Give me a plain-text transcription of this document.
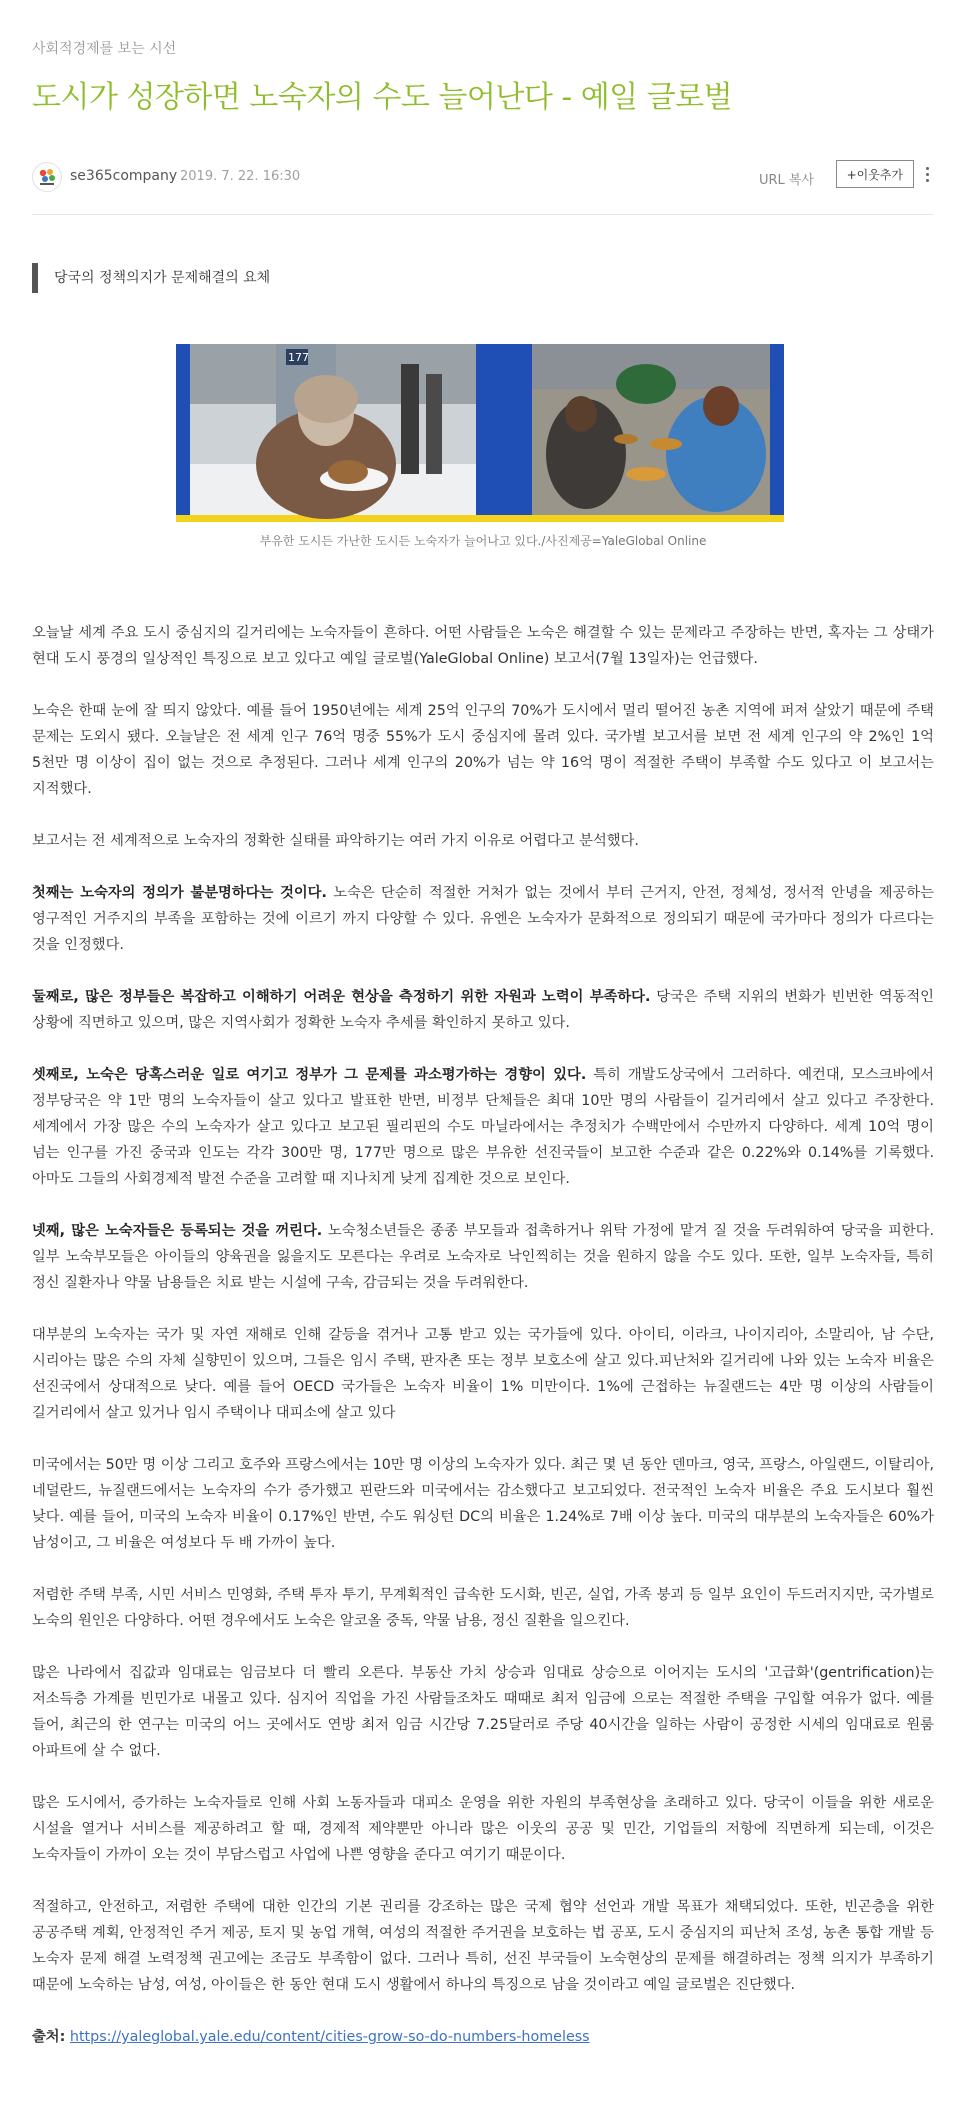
사회적경제를 보는 시선
도시가 성장하면 노숙자의 수도 늘어난다 - 예일 글로벌
se365company 2019. 7. 22. 16:30	URL 복사	+이웃추가
당국의 정책의지가 문제해결의 요체
177
부유한 도시든 가난한 도시든 노숙자가 늘어나고 있다./사진제공=YaleGlobal Online

오늘날 세계 주요 도시 중심지의 길거리에는 노숙자들이 흔하다. 어떤 사람들은 노숙은 해결할 수 있는 문제라고 주장하는 반면, 혹자는 그 상태가 현대 도시 풍경의 일상적인 특징으로 보고 있다고 예일 글로벌(YaleGlobal Online) 보고서(7월 13일자)는 언급했다.

노숙은 한때 눈에 잘 띄지 않았다. 예를 들어 1950년에는 세계 25억 인구의 70%가 도시에서 멀리 떨어진 농촌 지역에 퍼져 살았기 때문에 주택 문제는 도외시 됐다. 오늘날은 전 세계 인구 76억 명중 55%가 도시 중심지에 몰려 있다. 국가별 보고서를 보면 전 세계 인구의 약 2%인 1억 5천만 명 이상이 집이 없는 것으로 추정된다. 그러나 세계 인구의 20%가 넘는 약 16억 명이 적절한 주택이 부족할 수도 있다고 이 보고서는 지적했다.

보고서는 전 세계적으로 노숙자의 정확한 실태를 파악하기는 여러 가지 이유로 어렵다고 분석했다.

첫째는 노숙자의 정의가 불분명하다는 것이다. 노숙은 단순히 적절한 거처가 없는 것에서 부터 근거지, 안전, 정체성, 정서적 안녕을 제공하는 영구적인 거주지의 부족을 포함하는 것에 이르기 까지 다양할 수 있다. 유엔은 노숙자가 문화적으로 정의되기 때문에 국가마다 정의가 다르다는 것을 인정했다.

둘째로, 많은 정부들은 복잡하고 이해하기 어려운 현상을 측정하기 위한 자원과 노력이 부족하다. 당국은 주택 지위의 변화가 빈번한 역동적인 상황에 직면하고 있으며, 많은 지역사회가 정확한 노숙자 추세를 확인하지 못하고 있다.

셋째로, 노숙은 당혹스러운 일로 여기고 정부가 그 문제를 과소평가하는 경향이 있다. 특히 개발도상국에서 그러하다. 예컨대, 모스크바에서 정부당국은 약 1만 명의 노숙자들이 살고 있다고 발표한 반면, 비정부 단체들은 최대 10만 명의 사람들이 길거리에서 살고 있다고 주장한다. 세계에서 가장 많은 수의 노숙자가 살고 있다고 보고된 필리핀의 수도 마닐라에서는 추정치가 수백만에서 수만까지 다양하다. 세계 10억 명이 넘는 인구를 가진 중국과 인도는 각각 300만 명, 177만 명으로 많은 부유한 선진국들이 보고한 수준과 같은 0.22%와 0.14%를 기록했다. 아마도 그들의 사회경제적 발전 수준을 고려할 때 지나치게 낮게 집계한 것으로 보인다.

넷째, 많은 노숙자들은 등록되는 것을 꺼린다. 노숙청소년들은 종종 부모들과 접촉하거나 위탁 가정에 맡겨 질 것을 두려워하여 당국을 피한다. 일부 노숙부모들은 아이들의 양육권을 잃을지도 모른다는 우려로 노숙자로 낙인찍히는 것을 원하지 않을 수도 있다. 또한, 일부 노숙자들, 특히 정신 질환자나 약물 남용들은 치료 받는 시설에 구속, 감금되는 것을 두려워한다.

대부분의 노숙자는 국가 및 자연 재해로 인해 갈등을 겪거나 고통 받고 있는 국가들에 있다. 아이티, 이라크, 나이지리아, 소말리아, 남 수단, 시리아는 많은 수의 자체 실향민이 있으며, 그들은 임시 주택, 판자촌 또는 정부 보호소에 살고 있다.피난처와 길거리에 나와 있는 노숙자 비율은 선진국에서 상대적으로 낮다. 예를 들어 OECD 국가들은 노숙자 비율이 1% 미만이다. 1%에 근접하는 뉴질랜드는 4만 명 이상의 사람들이 길거리에서 살고 있거나 임시 주택이나 대피소에 살고 있다

미국에서는 50만 명 이상 그리고 호주와 프랑스에서는 10만 명 이상의 노숙자가 있다. 최근 몇 년 동안 덴마크, 영국, 프랑스, 아일랜드, 이탈리아, 네덜란드, 뉴질랜드에서는 노숙자의 수가 증가했고 핀란드와 미국에서는 감소했다고 보고되었다. 전국적인 노숙자 비율은 주요 도시보다 훨씬 낮다. 예를 들어, 미국의 노숙자 비율이 0.17%인 반면, 수도 워싱턴 DC의 비율은 1.24%로 7배 이상 높다. 미국의 대부분의 노숙자들은 60%가 남성이고, 그 비율은 여성보다 두 배 가까이 높다.

저렴한 주택 부족, 시민 서비스 민영화, 주택 투자 투기, 무계획적인 급속한 도시화, 빈곤, 실업, 가족 붕괴 등 일부 요인이 두드러지지만, 국가별로 노숙의 원인은 다양하다. 어떤 경우에서도 노숙은 알코올 중독, 약물 남용, 정신 질환을 일으킨다.

많은 나라에서 집값과 임대료는 임금보다 더 빨리 오른다. 부동산 가치 상승과 임대료 상승으로 이어지는 도시의 '고급화'(gentrification)는 저소득층 가계를 빈민가로 내몰고 있다. 심지어 직업을 가진 사람들조차도 때때로 최저 임금에 으로는 적절한 주택을 구입할 여유가 없다. 예를 들어, 최근의 한 연구는 미국의 어느 곳에서도 연방 최저 임금 시간당 7.25달러로 주당 40시간을 일하는 사람이 공정한 시세의 임대료로 원룸 아파트에 살 수 없다.

많은 도시에서, 증가하는 노숙자들로 인해 사회 노동자들과 대피소 운영을 위한 자원의 부족현상을 초래하고 있다. 당국이 이들을 위한 새로운 시설을 열거나 서비스를 제공하려고 할 때, 경제적 제약뿐만 아니라 많은 이웃의 공공 및 민간, 기업들의 저항에 직면하게 되는데, 이것은 노숙자들이 가까이 오는 것이 부담스럽고 사업에 나쁜 영향을 준다고 여기기 때문이다.

적절하고, 안전하고, 저렴한 주택에 대한 인간의 기본 권리를 강조하는 많은 국제 협약 선언과 개발 목표가 채택되었다. 또한, 빈곤층을 위한 공공주택 계획, 안정적인 주거 제공, 토지 및 농업 개혁, 여성의 적절한 주거권을 보호하는 법 공포, 도시 중심지의 피난처 조성, 농촌 통합 개발 등 노숙자 문제 해결 노력정책 권고에는 조금도 부족함이 없다. 그러나 특히, 선진 부국들이 노숙현상의 문제를 해결하려는 정책 의지가 부족하기 때문에 노숙하는 남성, 여성, 아이들은 한 동안 현대 도시 생활에서 하나의 특징으로 남을 것이라고 예일 글로벌은 진단했다.

출처: https://yaleglobal.yale.edu/content/cities-grow-so-do-numbers-homeless
